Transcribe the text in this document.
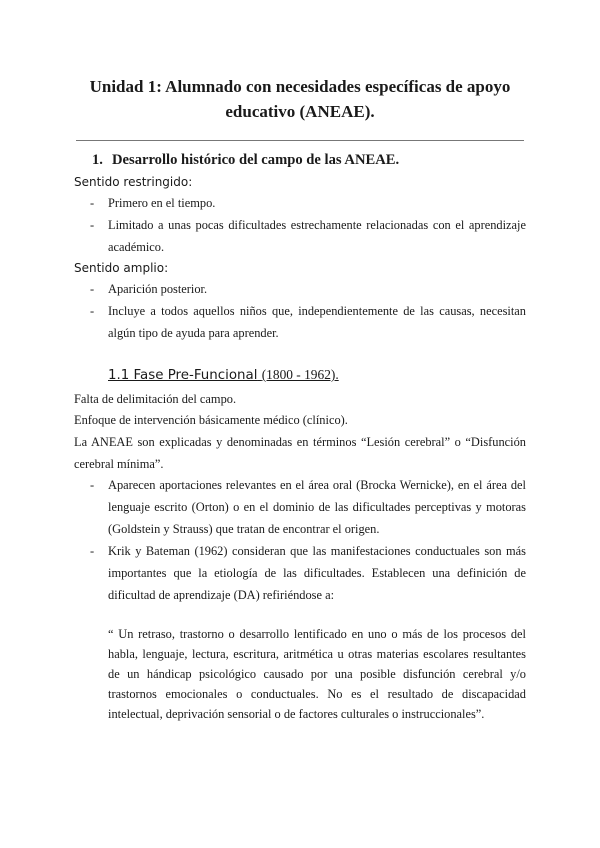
Unidad 1: Alumnado con necesidades específicas de apoyo educativo (ANEAE).
1. Desarrollo histórico del campo de las ANEAE.
Sentido restringido:
-	Primero en el tiempo.
-	Limitado a unas pocas dificultades estrechamente relacionadas con el aprendizaje académico.
Sentido amplio:
-	Aparición posterior.
-	Incluye a todos aquellos niños que, independientemente de las causas, necesitan algún tipo de ayuda para aprender.
1.1 Fase Pre-Funcional (1800 - 1962).
Falta de delimitación del campo.
Enfoque de intervención básicamente médico (clínico).
La ANEAE son explicadas y denominadas en términos “Lesión cerebral” o “Disfunción cerebral mínima”.
-	Aparecen aportaciones relevantes en el área oral (Brocka Wernicke), en el área del lenguaje escrito (Orton) o en el dominio de las dificultades perceptivas y motoras (Goldstein y Strauss) que tratan de encontrar el origen.
-	Krik y Bateman (1962) consideran que las manifestaciones conductuales son más importantes que la etiología de las dificultades. Establecen una definición de dificultad de aprendizaje (DA) refiriéndose a:
“ Un retraso, trastorno o desarrollo lentificado en uno o más de los procesos del habla, lenguaje, lectura, escritura, aritmética u otras materias escolares resultantes de un hándicap psicológico causado por una posible disfunción cerebral y/o trastornos emocionales o conductuales. No es el resultado de discapacidad intelectual, deprivación sensorial o de factores culturales o instruccionales”.
